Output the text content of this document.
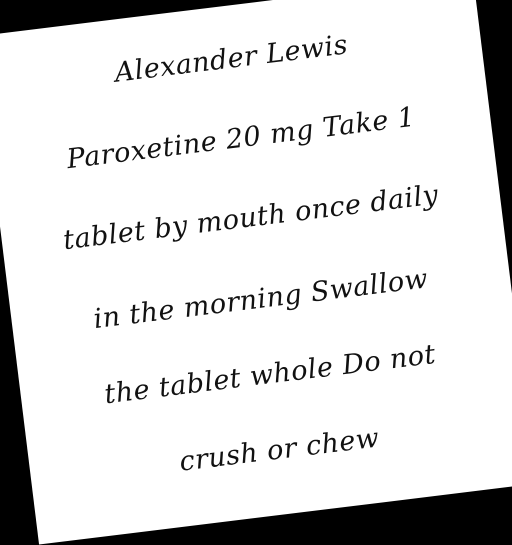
Alexander Lewis
Paroxetine 20 mg Take 1
tablet by mouth once daily
in the morning Swallow
the tablet whole Do not
crush or chew
